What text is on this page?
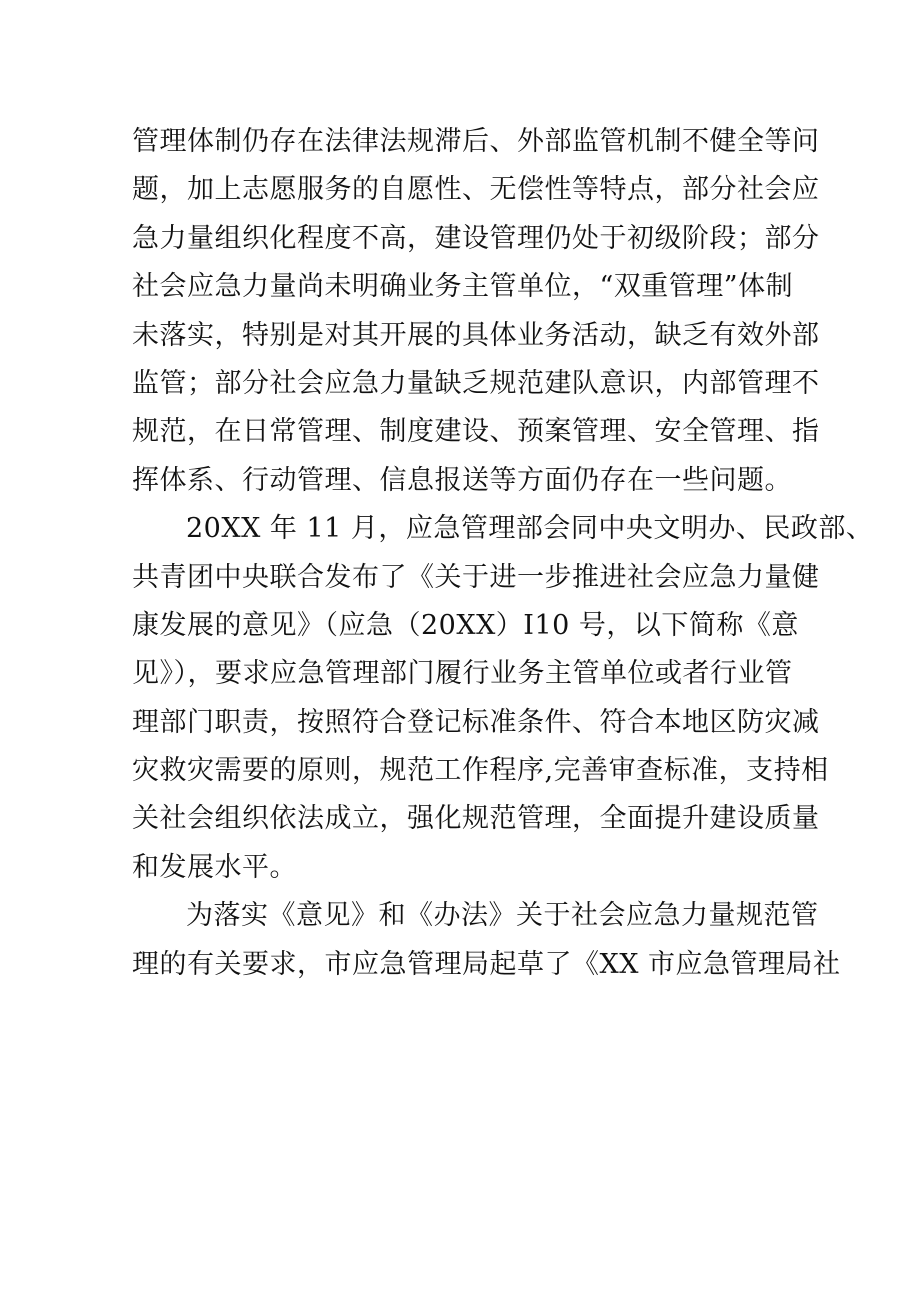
管理体制仍存在法律法规滞后、外部监管机制不健全等问
题，加上志愿服务的自愿性、无偿性等特点，部分社会应
急力量组织化程度不高，建设管理仍处于初级阶段；部分
社会应急力量尚未明确业务主管单位，“双重管理”体制
未落实，特别是对其开展的具体业务活动，缺乏有效外部
监管；部分社会应急力量缺乏规范建队意识，内部管理不
规范，在日常管理、制度建设、预案管理、安全管理、指
挥体系、行动管理、信息报送等方面仍存在一些问题。
20XX 年 11 月，应急管理部会同中央文明办、民政部、
共青团中央联合发布了《关于进一步推进社会应急力量健
康发展的意见》（应急（20XX）I10 号，以下简称《意
见》），要求应急管理部门履行业务主管单位或者行业管
理部门职责，按照符合登记标准条件、符合本地区防灾减
灾救灾需要的原则，规范工作程序,完善审查标准，支持相
关社会组织依法成立，强化规范管理，全面提升建设质量
和发展水平。
为落实《意见》和《办法》关于社会应急力量规范管
理的有关要求，市应急管理局起草了《XX 市应急管理局社
